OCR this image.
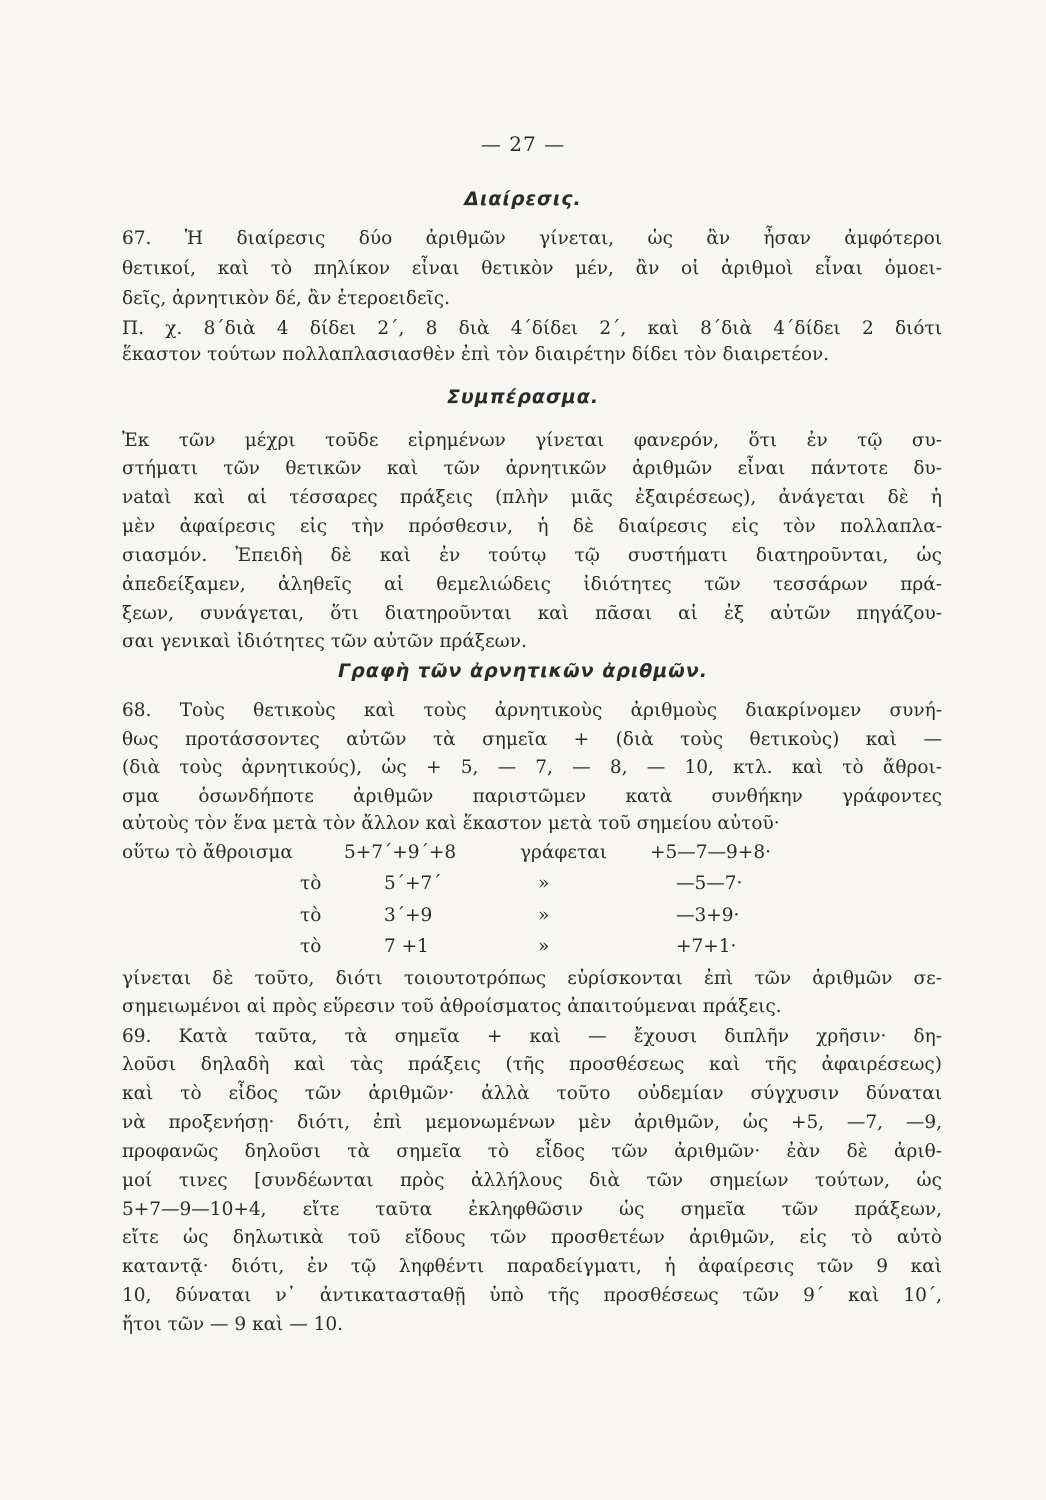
— 27 —
Διαίρεσις.
67. Ἡ διαίρεσις δύο ἀριθμῶν γίνεται, ὡς ἂν ἦσαν ἀμφότεροι
θετικοί, καὶ τὸ πηλίκον εἶναι θετικὸν μέν, ἂν οἱ ἀριθμοὶ εἶναι ὁμοει-
δεῖς, ἀρνητικὸν δέ, ἂν ἑτεροειδεῖς.
Π. χ. 8΄διὰ 4 δίδει 2΄, 8 διὰ 4΄δίδει 2΄, καὶ 8΄διὰ 4΄δίδει 2 διότι
ἕκαστον τούτων πολλαπλασιασθὲν ἐπὶ τὸν διαιρέτην δίδει τὸν διαιρετέον.
Συμπέρασμα.
Ἐκ τῶν μέχρι τοῦδε εἰρημένων γίνεται φανερόν, ὅτι ἐν τῷ συ-
στήματι τῶν θετικῶν καὶ τῶν ἀρνητικῶν ἀριθμῶν εἶναι πάντοτε δυ-
νatαὶ καὶ αἱ τέσσαρες πράξεις (πλὴν μιᾶς ἐξαιρέσεως), ἀνάγεται δὲ ἡ
μὲν ἀφαίρεσις εἰς τὴν πρόσθεσιν, ἡ δὲ διαίρεσις εἰς τὸν πολλαπλα-
σιασμόν. Ἐπειδὴ δὲ καὶ ἐν τούτῳ τῷ συστήματι διατηροῦνται, ὡς
ἀπεδείξαμεν, ἀληθεῖς αἱ θεμελιώδεις ἰδιότητες τῶν τεσσάρων πρά-
ξεων, συνάγεται, ὅτι διατηροῦνται καὶ πᾶσαι αἱ ἐξ αὐτῶν πηγάζου-
σαι γενικαὶ ἰδιότητες τῶν αὐτῶν πράξεων.
Γραφὴ τῶν ἀρνητικῶν ἀριθμῶν.
68. Τοὺς θετικοὺς καὶ τοὺς ἀρνητικοὺς ἀριθμοὺς διακρίνομεν συνή-
θως προτάσσοντες αὐτῶν τὰ σημεῖα + (διὰ τοὺς θετικοὺς) καὶ —
(διὰ τοὺς ἀρνητικούς), ὡς + 5, — 7, — 8, — 10, κτλ. καὶ τὸ ἄθροι-
σμα ὁσωνδήποτε ἀριθμῶν παριστῶμεν κατὰ συνθήκην γράφοντες
αὐτοὺς τὸν ἕνα μετὰ τὸν ἄλλον καὶ ἕκαστον μετὰ τοῦ σημείου αὐτοῦ·
οὕτω τὸ ἄθροισμα	5+7΄+9΄+8	γράφεται +5—7—9+8·
τὸ	5΄+7΄	»	—5—7·
τὸ	3΄+9	»	—3+9·
τὸ	7 +1	»	+7+1·
γίνεται δὲ τοῦτο, διότι τοιουτοτρόπως εὑρίσκονται ἐπὶ τῶν ἀριθμῶν σε-
σημειωμένοι αἱ πρὸς εὕρεσιν τοῦ ἀθροίσματος ἀπαιτούμεναι πράξεις.
69. Κατὰ ταῦτα, τὰ σημεῖα + καὶ — ἔχουσι διπλῆν χρῆσιν· δη-
λοῦσι δηλαδὴ καὶ τὰς πράξεις (τῆς προσθέσεως καὶ τῆς ἀφαιρέσεως)
καὶ τὸ εἶδος τῶν ἀριθμῶν· ἀλλὰ τοῦτο οὐδεμίαν σύγχυσιν δύναται
νὰ προξενήσῃ· διότι, ἐπὶ μεμονωμένων μὲν ἀριθμῶν, ὡς +5, —7, —9,
προφανῶς δηλοῦσι τὰ σημεῖα τὸ εἶδος τῶν ἀριθμῶν· ἐὰν δὲ ἀριθ-
μοί τινες [συνδέωνται πρὸς ἀλλήλους διὰ τῶν σημείων τούτων, ὡς
5+7—9—10+4, εἴτε ταῦτα ἐκληφθῶσιν ὡς σημεῖα τῶν πράξεων,
εἴτε ὡς δηλωτικὰ τοῦ εἴδους τῶν προσθετέων ἀριθμῶν, εἰς τὸ αὐτὸ
καταντᾷ· διότι, ἐν τῷ ληφθέντι παραδείγματι, ἡ ἀφαίρεσις τῶν 9 καὶ
10, δύναται ν᾽ ἀντικατασταθῇ ὑπὸ τῆς προσθέσεως τῶν 9΄ καὶ 10΄,
ἤτοι τῶν — 9 καὶ — 10.
